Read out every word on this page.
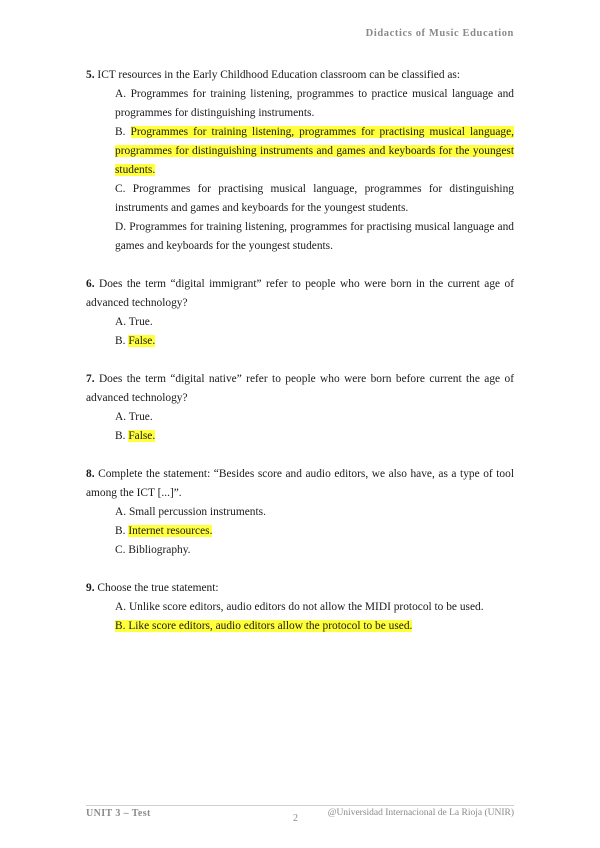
Didactics of Music Education
5. ICT resources in the Early Childhood Education classroom can be classified as:
A. Programmes for training listening, programmes to practice musical language and programmes for distinguishing instruments.
B. Programmes for training listening, programmes for practising musical language, programmes for distinguishing instruments and games and keyboards for the youngest students.
C. Programmes for practising musical language, programmes for distinguishing instruments and games and keyboards for the youngest students.
D. Programmes for training listening, programmes for practising musical language and games and keyboards for the youngest students.
6. Does the term “digital immigrant” refer to people who were born in the current age of advanced technology?
A. True.
B. False.
7. Does the term “digital native” refer to people who were born before current the age of advanced technology?
A. True.
B. False.
8. Complete the statement: “Besides score and audio editors, we also have, as a type of tool among the ICT [...]”.
A. Small percussion instruments.
B. Internet resources.
C. Bibliography.
9. Choose the true statement:
A. Unlike score editors, audio editors do not allow the MIDI protocol to be used.
B. Like score editors, audio editors allow the protocol to be used.
UNIT 3 – Test	2	@Universidad Internacional de La Rioja (UNIR)
